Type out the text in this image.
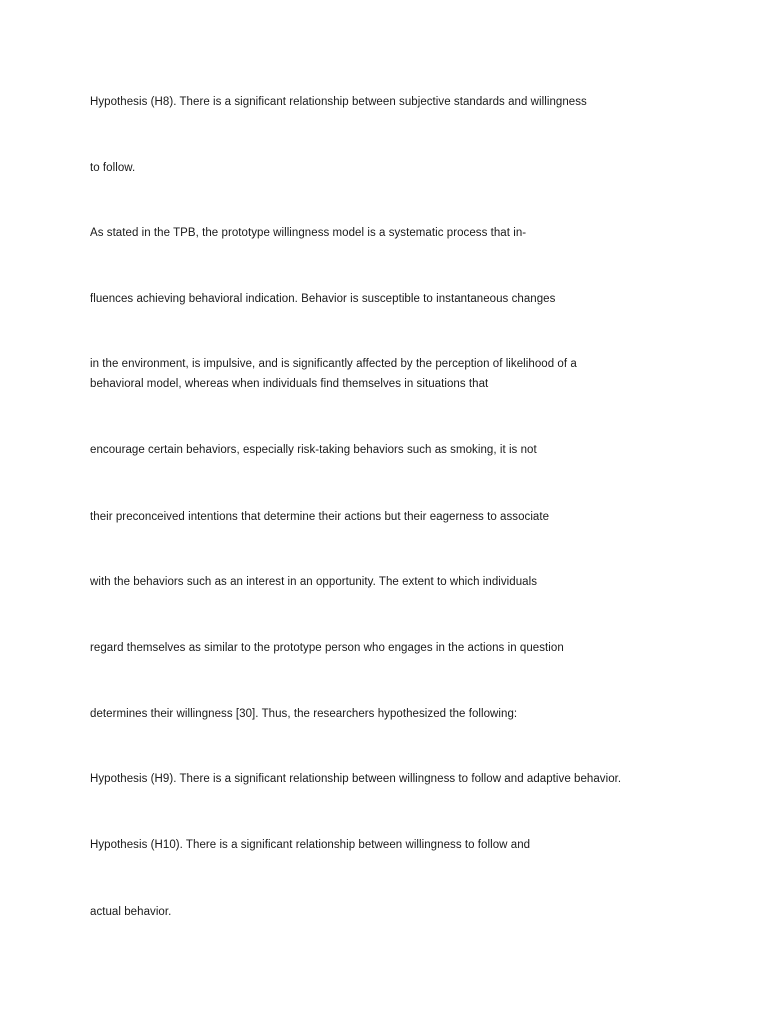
Hypothesis (H8). There is a significant relationship between subjective standards and willingness

to follow.

As stated in the TPB, the prototype willingness model is a systematic process that in-

fluences achieving behavioral indication. Behavior is susceptible to instantaneous changes

in the environment, is impulsive, and is significantly affected by the perception of likelihood of a

behavioral model, whereas when individuals find themselves in situations that

encourage certain behaviors, especially risk-taking behaviors such as smoking, it is not

their preconceived intentions that determine their actions but their eagerness to associate

with the behaviors such as an interest in an opportunity. The extent to which individuals

regard themselves as similar to the prototype person who engages in the actions in question

determines their willingness [30]. Thus, the researchers hypothesized the following:

Hypothesis (H9). There is a significant relationship between willingness to follow and adaptive behavior.

Hypothesis (H10). There is a significant relationship between willingness to follow and

actual behavior.
